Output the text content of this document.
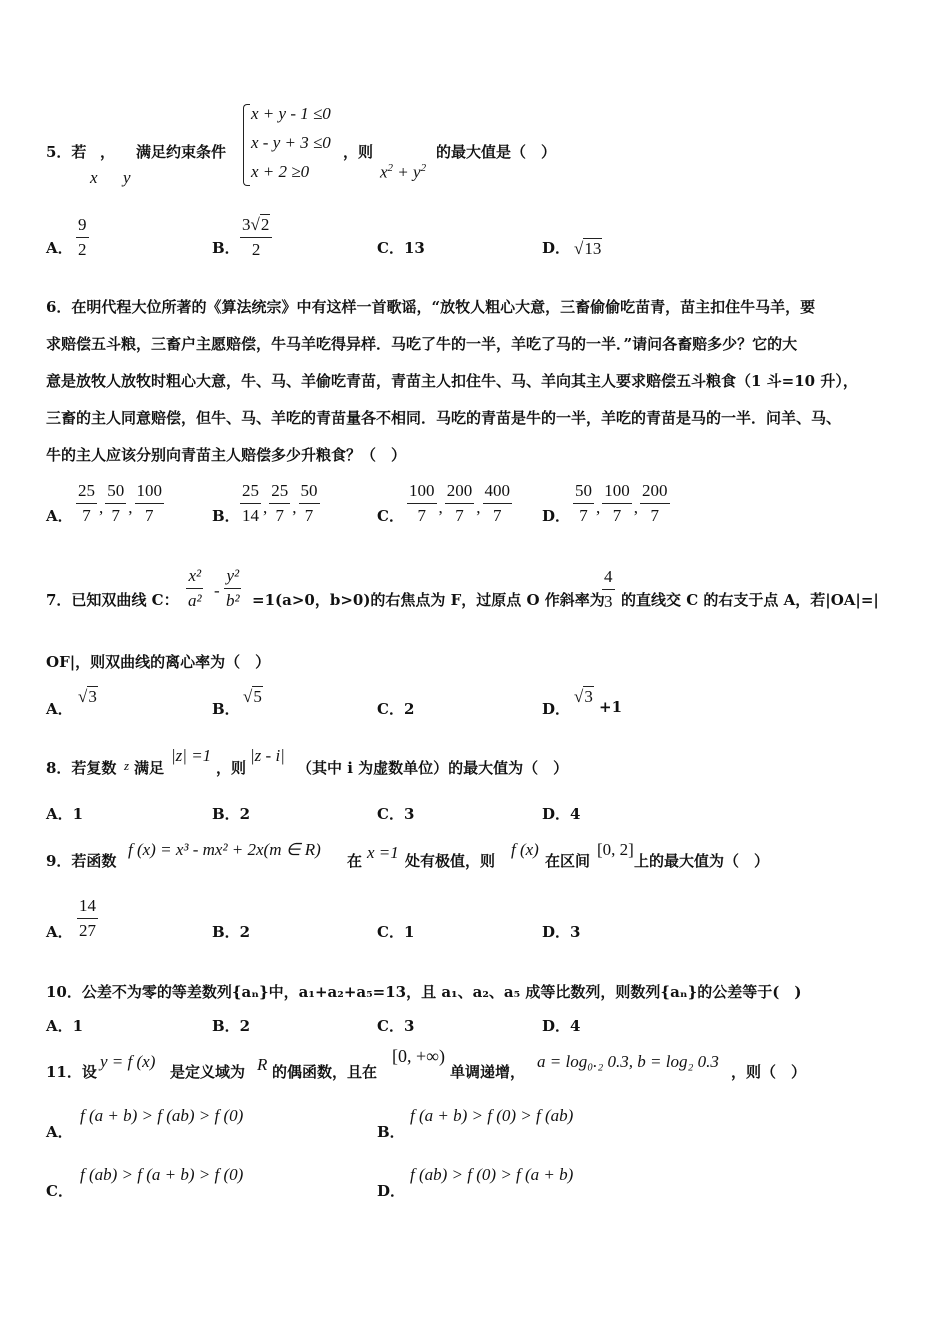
5．若 ，
x y
满足约束条件
x + y - 1 ≤0
x - y + 3 ≤0
x + 2 ≥0
，则
$x^2 + y^2$
的最大值是（　）
A． $\frac{9}{2}$	B． $\frac{3√2}{2}$	C．13	D． √13
6．在明代程大位所著的《算法统宗》中有这样一首歌谣，“放牧人粗心大意，三畜偷偷吃苗青，苗主扣住牛马羊，要
求赔偿五斗粮，三畜户主愿赔偿，牛马羊吃得异样．马吃了牛的一半，羊吃了马的一半．”请问各畜赔多少？它的大
意是放牧人放牧时粗心大意，牛、马、羊偷吃青苗，青苗主人扣住牛、马、羊向其主人要求赔偿五斗粮食（1 斗=10 升），
三畜的主人同意赔偿，但牛、马、羊吃的青苗量各不相同．马吃的青苗是牛的一半，羊吃的青苗是马的一半．问羊、马、
牛的主人应该分别向青苗主人赔偿多少升粮食？（　）
A． $\frac{25}{7}$ , $\frac{50}{7}$ , $\frac{100}{7}$	B． $\frac{25}{14}$ , $\frac{25}{7}$ , $\frac{50}{7}$	C． $\frac{100}{7}$ , $\frac{200}{7}$ , $\frac{400}{7}$ D． $\frac{50}{7}$ , $\frac{100}{7}$ , $\frac{200}{7}$
7．已知双曲线 C： $\frac{\text{x²}}{\text{a²}} - \frac{\text{y²}}{\text{b²}} =1(a>0$，b>0)的右焦点为 F，过原点 O 作斜率为
$\frac{4}{3}$ 的直线交 C 的右支于点 A，若|OA|=|
OF|，则双曲线的离心率为（　）
A．
√3
B．
√5
C．2	D．
√3
+1
8．若复数 z 满足
|z| =1
，则
|z - i|
（其中 i 为虚数单位）的最大值为（　）
A．1	B．2	C．3	D．4
9．若函数
f (x) = x³ - mx² + 2x(m ∈ R)
在 x =1 处有极值，则
f (x)
在区间
[0, 2]
上的最大值为（　）
A． $\frac{14}{27}$	B．2	C．1	D．3
10．公差不为零的等差数列{aₙ}中，a₁+a₂+a₅=13，且 a₁、a₂、a₅ 成等比数列，则数列{aₙ}的公差等于(　)
A．1	B．2	C．3	D．4
11．设
y = f (x)
是定义域为 R 的偶函数，且在
[0, +∞)
单调递增，
a = log₀.₂ 0.3, b = log₂ 0.3
，则（　）
A．
f (a + b) > f (ab) > f (0)
B．
f (a + b) > f (0) > f (ab)
C．
f (ab) > f (a + b) > f (0)
D．
f (ab) > f (0) > f (a + b)
